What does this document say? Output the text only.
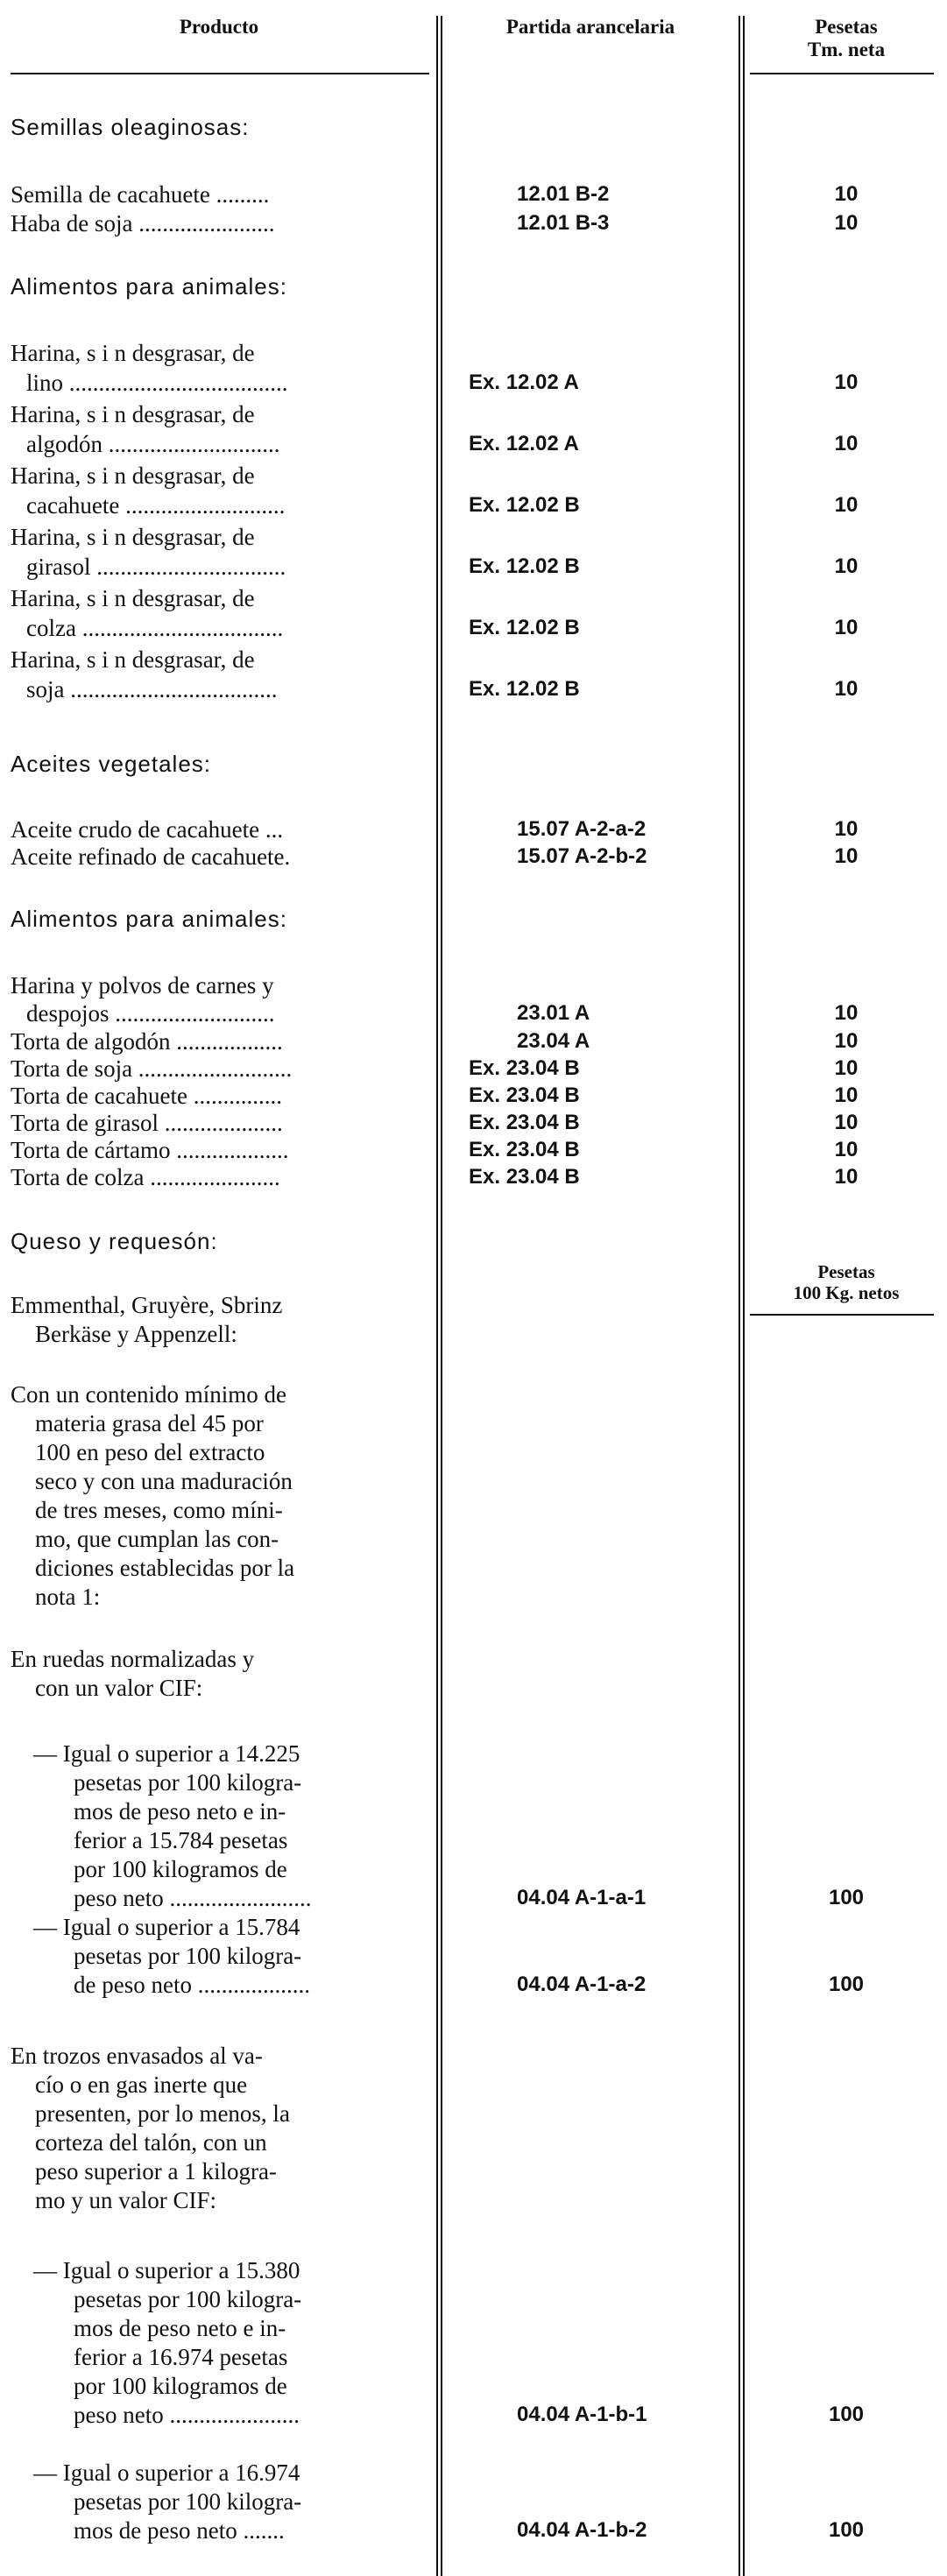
Producto	Partida arancelaria	Pesetas
Tm. neta
Semillas oleaginosas:
Semilla de cacahuete .........	12.01 B-2	10
Haba de soja .......................	12.01 B-3	10
Alimentos para animales:
Harina, s i n desgrasar, de
lino .....................................	Ex. 12.02 A	10
Harina, s i n desgrasar, de
algodón .............................	Ex. 12.02 A	10
Harina, s i n desgrasar, de
cacahuete ...........................	Ex. 12.02 B	10
Harina, s i n desgrasar, de
girasol ................................	Ex. 12.02 B	10
Harina, s i n desgrasar, de
colza ..................................	Ex. 12.02 B	10
Harina, s i n desgrasar, de
soja ...................................	Ex. 12.02 B	10
Aceites vegetales:
Aceite crudo de cacahuete ...	15.07 A-2-a-2	10
Aceite refinado de cacahuete.	15.07 A-2-b-2	10
Alimentos para animales:
Harina y polvos de carnes y
despojos ...........................	23.01 A	10
Torta de algodón ..................	23.04 A	10
Torta de soja ..........................	Ex. 23.04 B	10
Torta de cacahuete ...............	Ex. 23.04 B	10
Torta de girasol ....................	Ex. 23.04 B	10
Torta de cártamo ...................	Ex. 23.04 B	10
Torta de colza ......................	Ex. 23.04 B	10
Queso y requesón:
Pesetas
100 Kg. netos
Emmenthal, Gruyère, Sbrinz
Berkäse y Appenzell:
Con un contenido mínimo de
materia grasa del 45 por
100 en peso del extracto
seco y con una maduración
de tres meses, como míni-
mo, que cumplan las con-
diciones establecidas por la
nota 1:
En ruedas normalizadas y
con un valor CIF:
— Igual o superior a 14.225
pesetas por 100 kilogra-
mos de peso neto e in-
ferior a 15.784 pesetas
por 100 kilogramos de
peso neto ........................	04.04 A-1-a-1	100
— Igual o superior a 15.784
pesetas por 100 kilogra-
de peso neto ...................	04.04 A-1-a-2	100
En trozos envasados al va-
cío o en gas inerte que
presenten, por lo menos, la
corteza del talón, con un
peso superior a 1 kilogra-
mo y un valor CIF:
— Igual o superior a 15.380
pesetas por 100 kilogra-
mos de peso neto e in-
ferior a 16.974 pesetas
por 100 kilogramos de
peso neto ......................	04.04 A-1-b-1	100
— Igual o superior a 16.974
pesetas por 100 kilogra-
mos de peso neto .......	04.04 A-1-b-2	100
